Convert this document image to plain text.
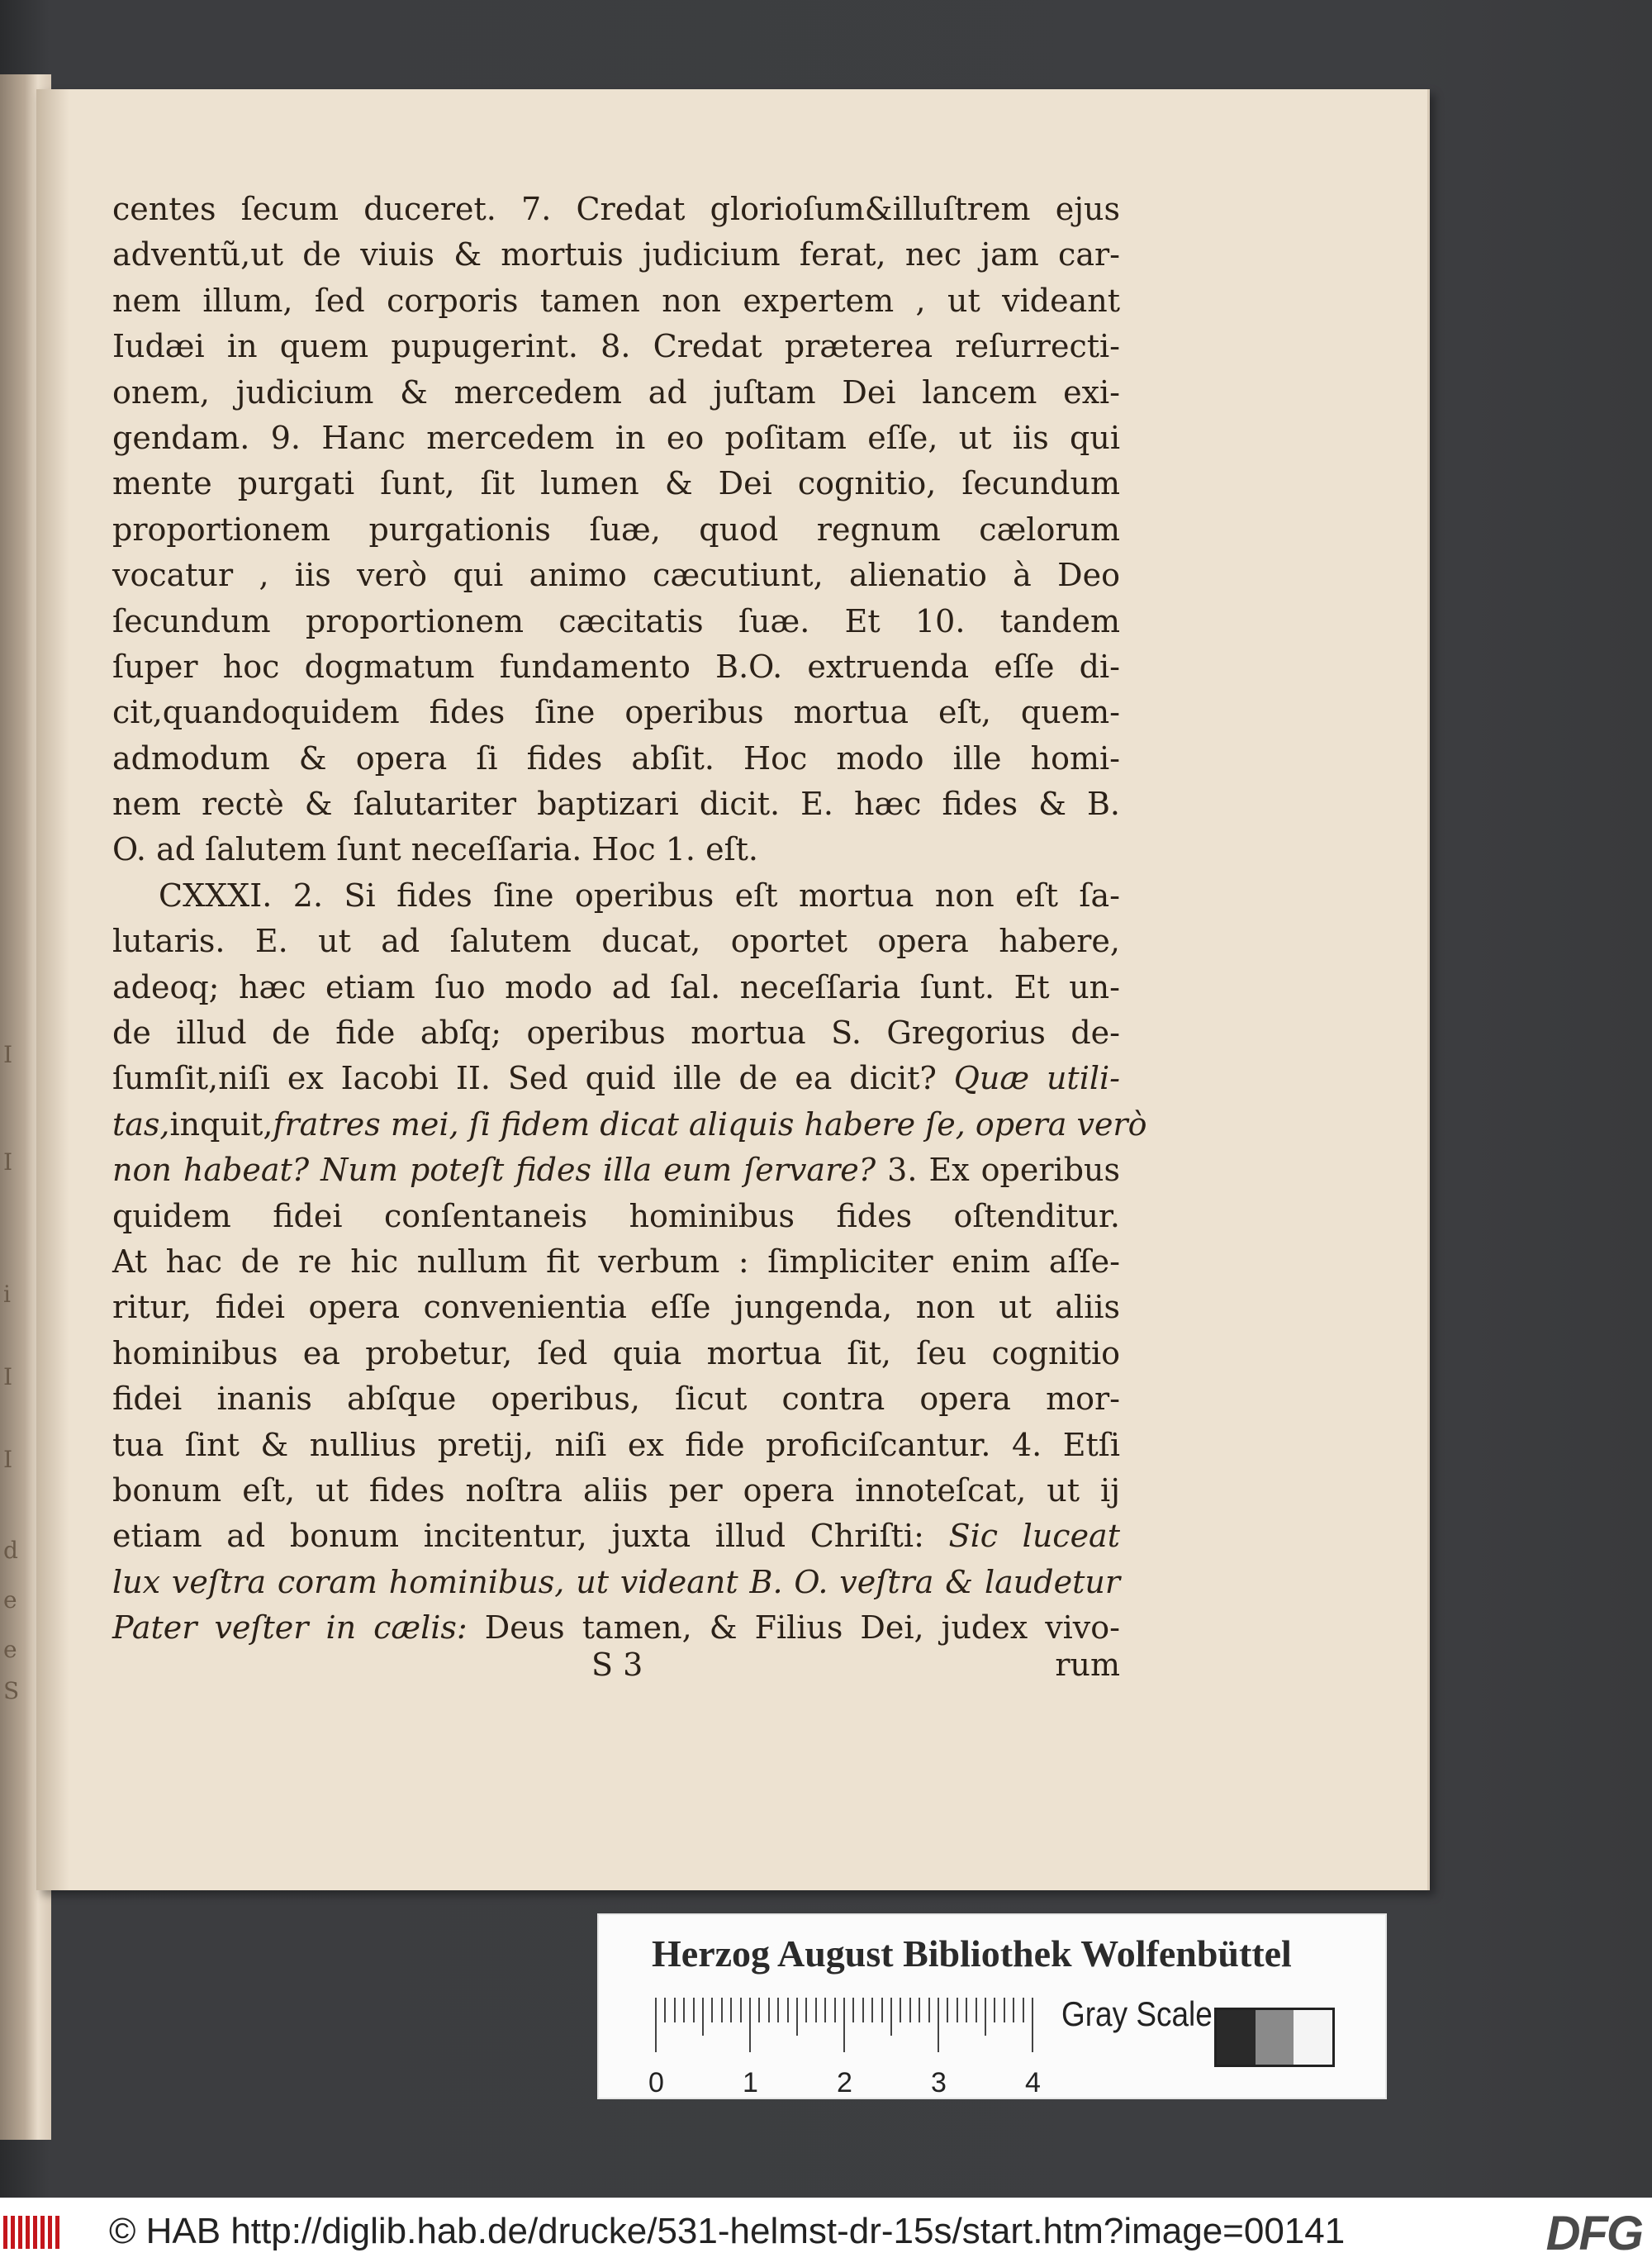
I
I
i
I
I
d
e
e
S
centes ſecum duceret. 7. Credat glorioſum&illuſtrem ejus
adventũ,ut de viuis & mortuis judicium ferat, nec jam car-
nem illum, ſed corporis tamen non expertem , ut videant
Iudæi in quem pupugerint. 8. Credat præterea reſurrecti-
onem, judicium & mercedem ad juſtam Dei lancem exi-
gendam. 9. Hanc mercedem in eo poſitam eſſe, ut iis qui
mente purgati ſunt, ſit lumen & Dei cognitio, ſecundum
proportionem purgationis ſuæ, quod regnum cælorum
vocatur , iis verò qui animo cæcutiunt, alienatio à Deo
ſecundum proportionem cæcitatis ſuæ. Et 10. tandem
ſuper hoc dogmatum fundamento B.O. extruenda eſſe di-
cit,quandoquidem fides ſine operibus mortua eſt, quem-
admodum & opera ſi fides abſit. Hoc modo ille homi-
nem rectè & ſalutariter baptizari dicit. E. hæc fides & B.
O. ad ſalutem ſunt neceſſaria. Hoc 1. eſt.
CXXXI. 2. Si fides ſine operibus eſt mortua non eſt ſa-
lutaris. E. ut ad ſalutem ducat, oportet opera habere,
adeoq; hæc etiam ſuo modo ad ſal. neceſſaria ſunt. Et un-
de illud de fide abſq; operibus mortua S. Gregorius de-
ſumſit,niſi ex Iacobi II. Sed quid ille de ea dicit? Quæ utili-
tas,inquit,fratres mei, ſi fidem dicat aliquis habere ſe, opera verò
non habeat? Num poteſt fides illa eum ſervare? 3. Ex operibus
quidem fidei conſentaneis hominibus fides oſtenditur.
At hac de re hic nullum fit verbum : ſimpliciter enim aſſe-
ritur, fidei opera convenientia eſſe jungenda, non ut aliis
hominibus ea probetur, ſed quia mortua ſit, ſeu cognitio
fidei inanis abſque operibus, ſicut contra opera mor-
tua ſint & nullius pretij, niſi ex fide proficiſcantur. 4. Etſi
bonum eſt, ut fides noſtra aliis per opera innoteſcat, ut ij
etiam ad bonum incitentur, juxta illud Chriſti: Sic luceat
lux veſtra coram hominibus, ut videant B. O. veſtra & laudetur
Pater veſter in cælis: Deus tamen, & Filius Dei, judex vivo-
S 3	rum
Herzog August Bibliothek Wolfenbüttel
0	1	2	3	4
Gray Scale
© HAB http://diglib.hab.de/drucke/531-helmst-dr-15s/start.htm?image=00141	DFG
